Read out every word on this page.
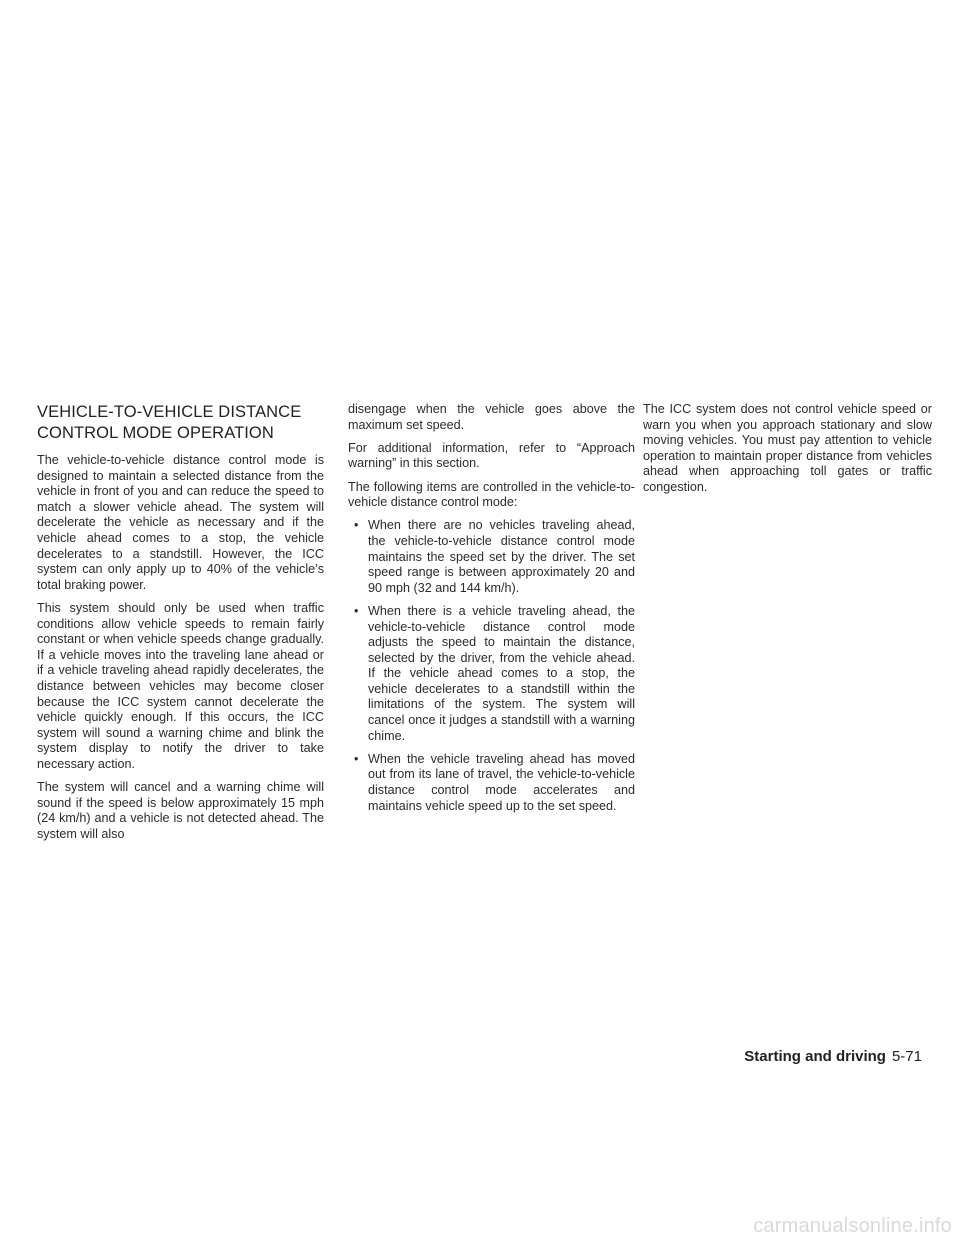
VEHICLE-TO-VEHICLE DISTANCE
CONTROL MODE OPERATION

The vehicle-to-vehicle distance control mode is designed to maintain a selected distance from the vehicle in front of you and can reduce the speed to match a slower vehicle ahead. The system will decelerate the vehicle as necessary and if the vehicle ahead comes to a stop, the vehicle decelerates to a standstill. However, the ICC system can only apply up to 40% of the vehicle’s total braking power.

This system should only be used when traffic conditions allow vehicle speeds to remain fairly constant or when vehicle speeds change gradually. If a vehicle moves into the traveling lane ahead or if a vehicle traveling ahead rapidly decelerates, the distance between vehicles may become closer because the ICC system cannot decelerate the vehicle quickly enough. If this occurs, the ICC system will sound a warning chime and blink the system display to notify the driver to take necessary action.

The system will cancel and a warning chime will sound if the speed is below approximately 15 mph (24 km/h) and a vehicle is not detected ahead. The system will also

disengage when the vehicle goes above the maximum set speed.

For additional information, refer to “Approach warning” in this section.

The following items are controlled in the vehicle-to-vehicle distance control mode:

• When there are no vehicles traveling ahead, the vehicle-to-vehicle distance control mode maintains the speed set by the driver. The set speed range is between approximately 20 and 90 mph (32 and 144 km/h).
• When there is a vehicle traveling ahead, the vehicle-to-vehicle distance control mode adjusts the speed to maintain the distance, selected by the driver, from the vehicle ahead. If the vehicle ahead comes to a stop, the vehicle decelerates to a standstill within the limitations of the system. The system will cancel once it judges a standstill with a warning chime.
• When the vehicle traveling ahead has moved out from its lane of travel, the vehicle-to-vehicle distance control mode accelerates and maintains vehicle speed up to the set speed.

The ICC system does not control vehicle speed or warn you when you approach stationary and slow moving vehicles. You must pay attention to vehicle operation to maintain proper distance from vehicles ahead when approaching toll gates or traffic congestion.

Starting and driving 5-71
carmanualsonline.info
